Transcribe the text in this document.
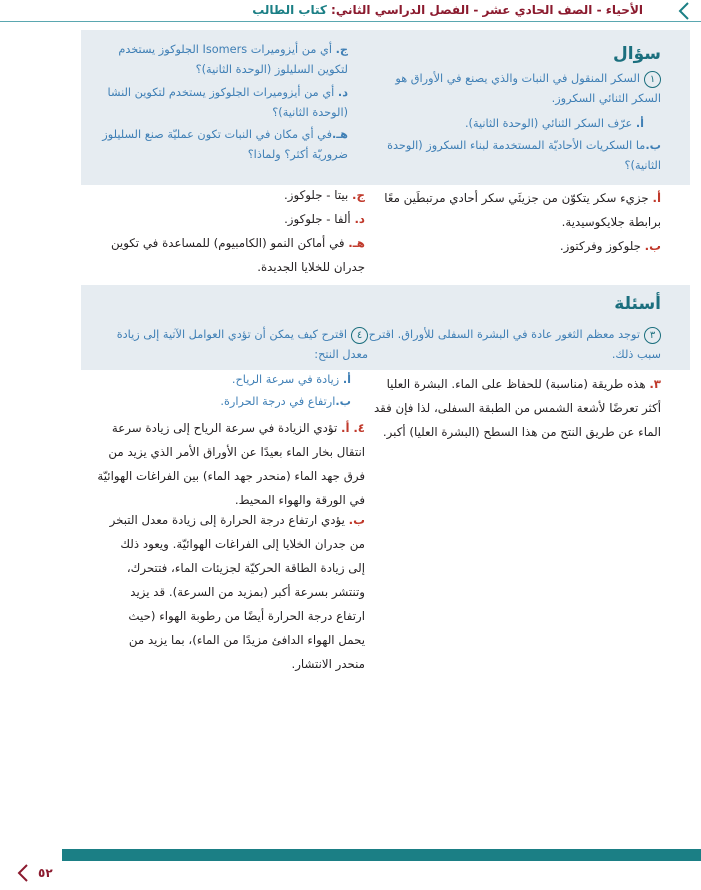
الأحياء - الصف الحادي عشر - الفصل الدراسي الثاني: كتاب الطالب
سؤال
١السكر المنقول في النبات والذي يصنع في الأوراق هو السكر الثنائي السكروز.
أ. عرّف السكر الثنائي (الوحدة الثانية).
ب.ما السكريات الأحاديّة المستخدمة لبناء السكروز (الوحدة الثانية)؟
ج. أي من أيزوميرات Isomers الجلوكوز يستخدم لتكوين السليلوز (الوحدة الثانية)؟
د. أي من أيزوميرات الجلوكوز يستخدم لتكوين النشا (الوحدة الثانية)؟
هـ.في أي مكان في النبات تكون عمليّة صنع السليلوز ضروريّة أكثر؟ ولماذا؟
أ. جزيء سكر يتكوّن من جزيئَي سكر أحادي مرتبطَين معًا برابطة جلايكوسيدية.
ب. جلوكوز وفركتوز.
ج. بيتا - جلوكوز.
د. ألفا - جلوكوز.
هـ. في أماكن النمو (الكامبيوم) للمساعدة في تكوين جدران للخلايا الجديدة.
أسئلة
٣توجد معظم الثغور عادة في البشرة السفلى للأوراق. اقترح سبب ذلك.
٤اقترح كيف يمكن أن تؤدي العوامل الآتية إلى زيادة معدل النتح:
أ. زيادة في سرعة الرياح.
ب.ارتفاع في درجة الحرارة.
٣. هذه طريقة (مناسبة) للحفاظ على الماء. البشرة العليا أكثر تعرضًا لأشعة الشمس من الطبقة السفلى، لذا فإن فقد الماء عن طريق النتح من هذا السطح (البشرة العليا) أكبر.
٤. أ. تؤدي الزيادة في سرعة الرياح إلى زيادة سرعة انتقال بخار الماء بعيدًا عن الأوراق الأمر الذي يزيد من فرق جهد الماء (منحدر جهد الماء) بين الفراغات الهوائيّة في الورقة والهواء المحيط.
ب. يؤدي ارتفاع درجة الحرارة إلى زيادة معدل التبخر من جدران الخلايا إلى الفراغات الهوائيّة. ويعود ذلك إلى زيادة الطاقة الحركيّة لجزيئات الماء، فتتحرك، وتنتشر بسرعة أكبر (بمزيد من السرعة). قد يزيد ارتفاع درجة الحرارة أيضًا من رطوبة الهواء (حيث يحمل الهواء الدافئ مزيدًا من الماء)، بما يزيد من منحدر الانتشار.
٥٢
